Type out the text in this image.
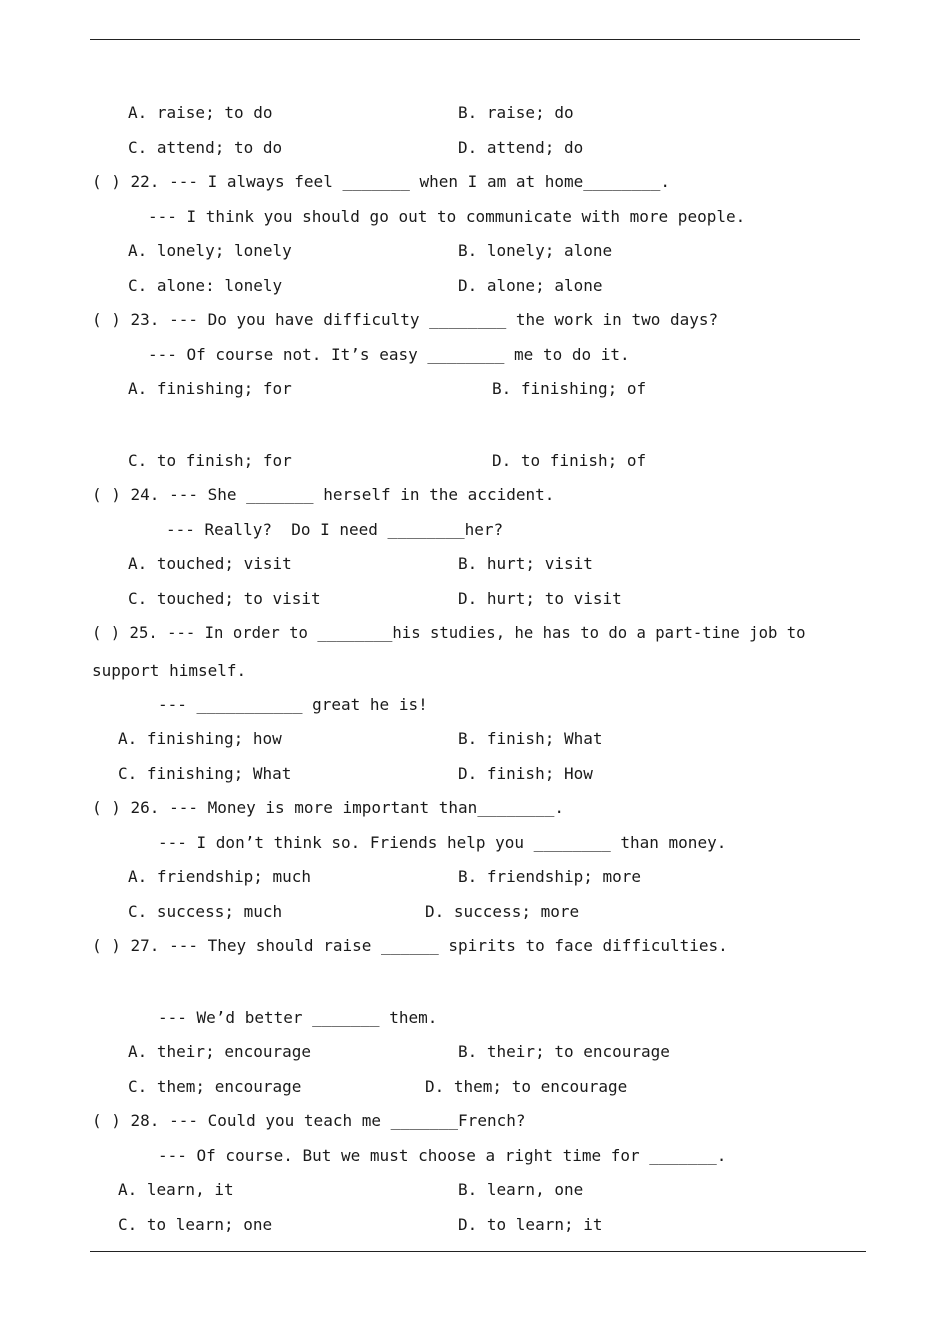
A. raise; to do	B. raise; do
C. attend; to do	D. attend; do
( ) 22. --- I always feel _______ when I am at home________.
--- I think you should go out to communicate with more people.
A. lonely; lonely	B. lonely; alone
C. alone: lonely	D. alone; alone
( ) 23. --- Do you have difficulty ________ the work in two days?
--- Of course not. It’s easy ________ me to do it.
A. finishing; for	B. finishing; of
C. to finish; for	D. to finish; of
( ) 24. --- She _______ herself in the accident.
--- Really?  Do I need ________her?
A. touched; visit	B. hurt; visit
C. touched; to visit	D. hurt; to visit
( ) 25. --- In order to ________his studies, he has to do a part-tine job to
support himself.
--- ___________ great he is!
A. finishing; how	B. finish; What
C. finishing; What	D. finish; How
( ) 26. --- Money is more important than________.
--- I don’t think so. Friends help you ________ than money.
A. friendship; much	B. friendship; more
C. success; much	D. success; more
( ) 27. --- They should raise ______ spirits to face difficulties.
--- We’d better _______ them.
A. their; encourage	B. their; to encourage
C. them; encourage	D. them; to encourage
( ) 28. --- Could you teach me _______French?
--- Of course. But we must choose a right time for _______.
A. learn, it	B. learn, one
C. to learn; one	D. to learn; it
